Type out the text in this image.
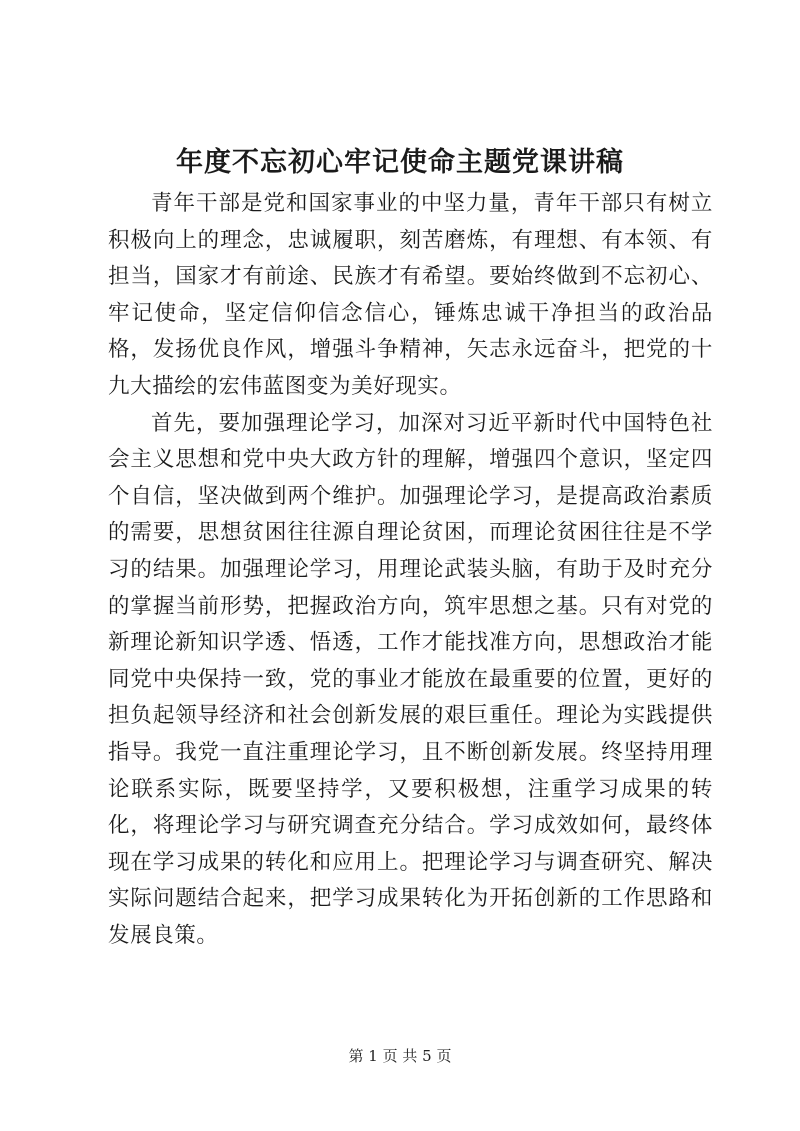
年度不忘初心牢记使命主题党课讲稿

青年干部是党和国家事业的中坚力量，青年干部只有树立积极向上的理念，忠诚履职，刻苦磨炼，有理想、有本领、有担当，国家才有前途、民族才有希望。要始终做到不忘初心、牢记使命，坚定信仰信念信心，锤炼忠诚干净担当的政治品格，发扬优良作风，增强斗争精神，矢志永远奋斗，把党的十九大描绘的宏伟蓝图变为美好现实。

首先，要加强理论学习，加深对习近平新时代中国特色社会主义思想和党中央大政方针的理解，增强四个意识，坚定四个自信，坚决做到两个维护。加强理论学习，是提高政治素质的需要，思想贫困往往源自理论贫困，而理论贫困往往是不学习的结果。加强理论学习，用理论武装头脑，有助于及时充分的掌握当前形势，把握政治方向，筑牢思想之基。只有对党的新理论新知识学透、悟透，工作才能找准方向，思想政治才能同党中央保持一致，党的事业才能放在最重要的位置，更好的担负起领导经济和社会创新发展的艰巨重任。理论为实践提供指导。我党一直注重理论学习，且不断创新发展。终坚持用理论联系实际，既要坚持学，又要积极想，注重学习成果的转化，将理论学习与研究调查充分结合。学习成效如何，最终体现在学习成果的转化和应用上。把理论学习与调查研究、解决实际问题结合起来，把学习成果转化为开拓创新的工作思路和发展良策。

第 1 页 共 5 页
